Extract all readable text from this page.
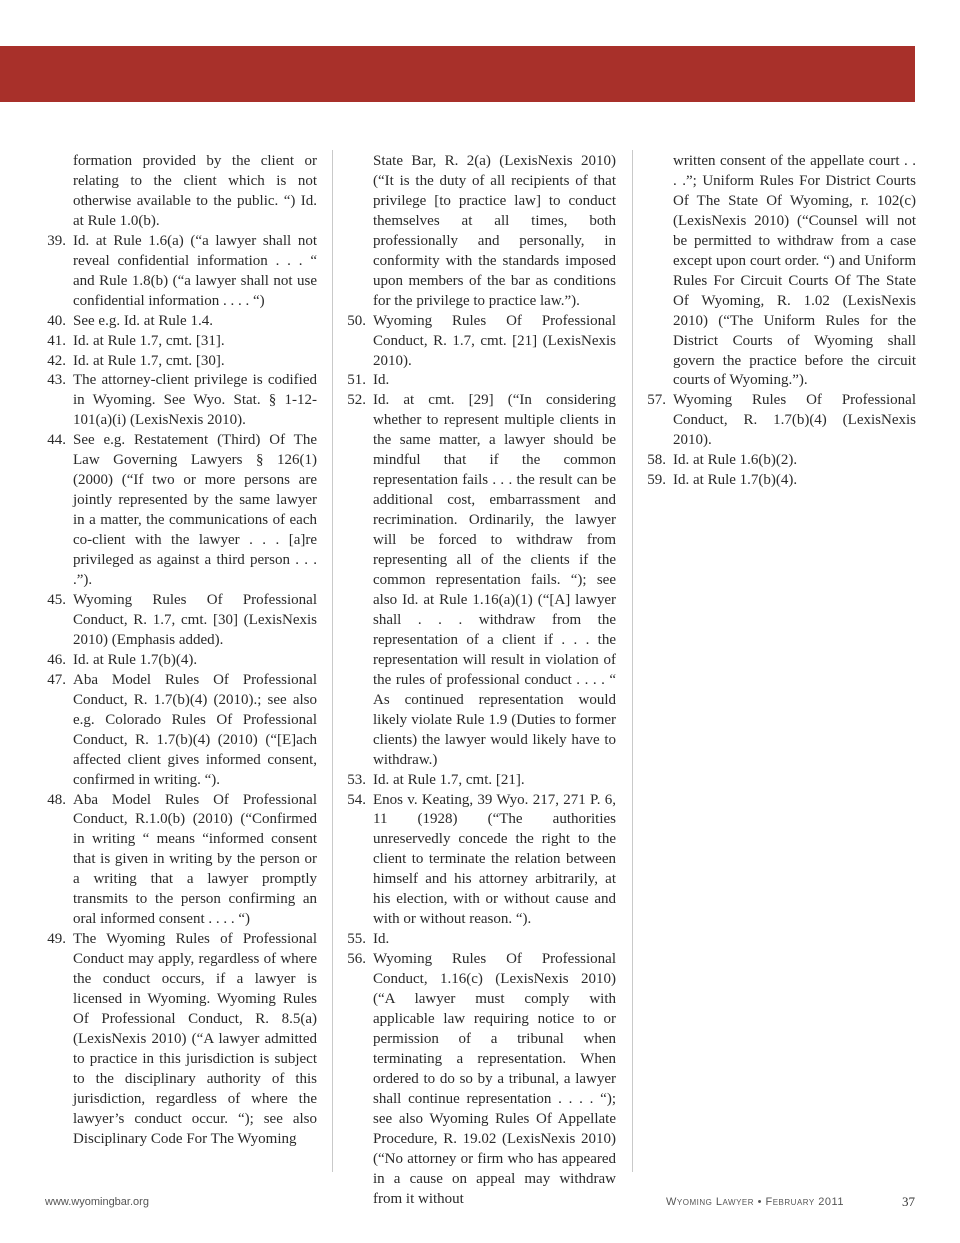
formation provided by the client or relating to the client which is not otherwise available to the public. “) Id. at Rule 1.0(b).
39. Id. at Rule 1.6(a) (“a lawyer shall not reveal confidential information . . . “ and Rule 1.8(b) (“a lawyer shall not use confidential information . . . . “)
40. See e.g. Id. at Rule 1.4.
41. Id. at Rule 1.7, cmt. [31].
42. Id. at Rule 1.7, cmt. [30].
43. The attorney-client privilege is codified in Wyoming. See Wyo. Stat. § 1-12-101(a)(i) (LexisNexis 2010).
44. See e.g. Restatement (Third) Of The Law Governing Lawyers § 126(1) (2000) (“If two or more persons are jointly represented by the same lawyer in a matter, the communications of each co-client with the lawyer . . . [a]re privileged as against a third person . . . .”).
45. Wyoming Rules Of Professional Conduct, R. 1.7, cmt. [30] (LexisNexis 2010) (Emphasis added).
46. Id. at Rule 1.7(b)(4).
47. Aba Model Rules Of Professional Conduct, R. 1.7(b)(4) (2010).; see also e.g. Colorado Rules Of Professional Conduct, R. 1.7(b)(4) (2010) (“[E]ach affected client gives informed consent, confirmed in writing. “).
48. Aba Model Rules Of Professional Conduct, R.1.0(b) (2010) (“Confirmed in writing “ means “informed consent that is given in writing by the person or a writing that a lawyer promptly transmits to the person confirming an oral informed consent . . . . “)
49. The Wyoming Rules of Professional Conduct may apply, regardless of where the conduct occurs, if a lawyer is licensed in Wyoming. Wyoming Rules Of Professional Conduct, R. 8.5(a) (LexisNexis 2010) (“A lawyer admitted to practice in this jurisdiction is subject to the disciplinary authority of this jurisdiction, regardless of where the lawyer’s conduct occur. “); see also Disciplinary Code For The Wyoming
State Bar, R. 2(a) (LexisNexis 2010) (“It is the duty of all recipients of that privilege [to practice law] to conduct themselves at all times, both professionally and personally, in conformity with the standards imposed upon members of the bar as conditions for the privilege to practice law.”).
50. Wyoming Rules Of Professional Conduct, R. 1.7, cmt. [21] (LexisNexis 2010).
51. Id.
52. Id. at cmt. [29] (“In considering whether to represent multiple clients in the same matter, a lawyer should be mindful that if the common representation fails . . . the result can be additional cost, embarrassment and recrimination. Ordinarily, the lawyer will be forced to withdraw from representing all of the clients if the common representation fails. “); see also Id. at Rule 1.16(a)(1) (“[A] lawyer shall . . . withdraw from the representation of a client if . . . the representation will result in violation of the rules of professional conduct . . . . “ As continued representation would likely violate Rule 1.9 (Duties to former clients) the lawyer would likely have to withdraw.)
53. Id. at Rule 1.7, cmt. [21].
54. Enos v. Keating, 39 Wyo. 217, 271 P. 6, 11 (1928) (“The authorities unreservedly concede the right to the client to terminate the relation between himself and his attorney arbitrarily, at his election, with or without cause and with or without reason. “).
55. Id.
56. Wyoming Rules Of Professional Conduct, 1.16(c) (LexisNexis 2010) (“A lawyer must comply with applicable law requiring notice to or permission of a tribunal when terminating a representation. When ordered to do so by a tribunal, a lawyer shall continue representation . . . . “); see also Wyoming Rules Of Appellate Procedure, R. 19.02 (LexisNexis 2010) (“No attorney or firm who has appeared in a cause on appeal may withdraw from it without
written consent of the appellate court . . . .”; Uniform Rules For District Courts Of The State Of Wyoming, r. 102(c) (LexisNexis 2010) (“Counsel will not be permitted to withdraw from a case except upon court order. “) and Uniform Rules For Circuit Courts Of The State Of Wyoming, R. 1.02 (LexisNexis 2010) (“The Uniform Rules for the District Courts of Wyoming shall govern the practice before the circuit courts of Wyoming.”).
57. Wyoming Rules Of Professional Conduct, R. 1.7(b)(4) (LexisNexis 2010).
58. Id. at Rule 1.6(b)(2).
59. Id. at Rule 1.7(b)(4).
www.wyomingbar.org	Wyoming Lawyer • February 2011	37
